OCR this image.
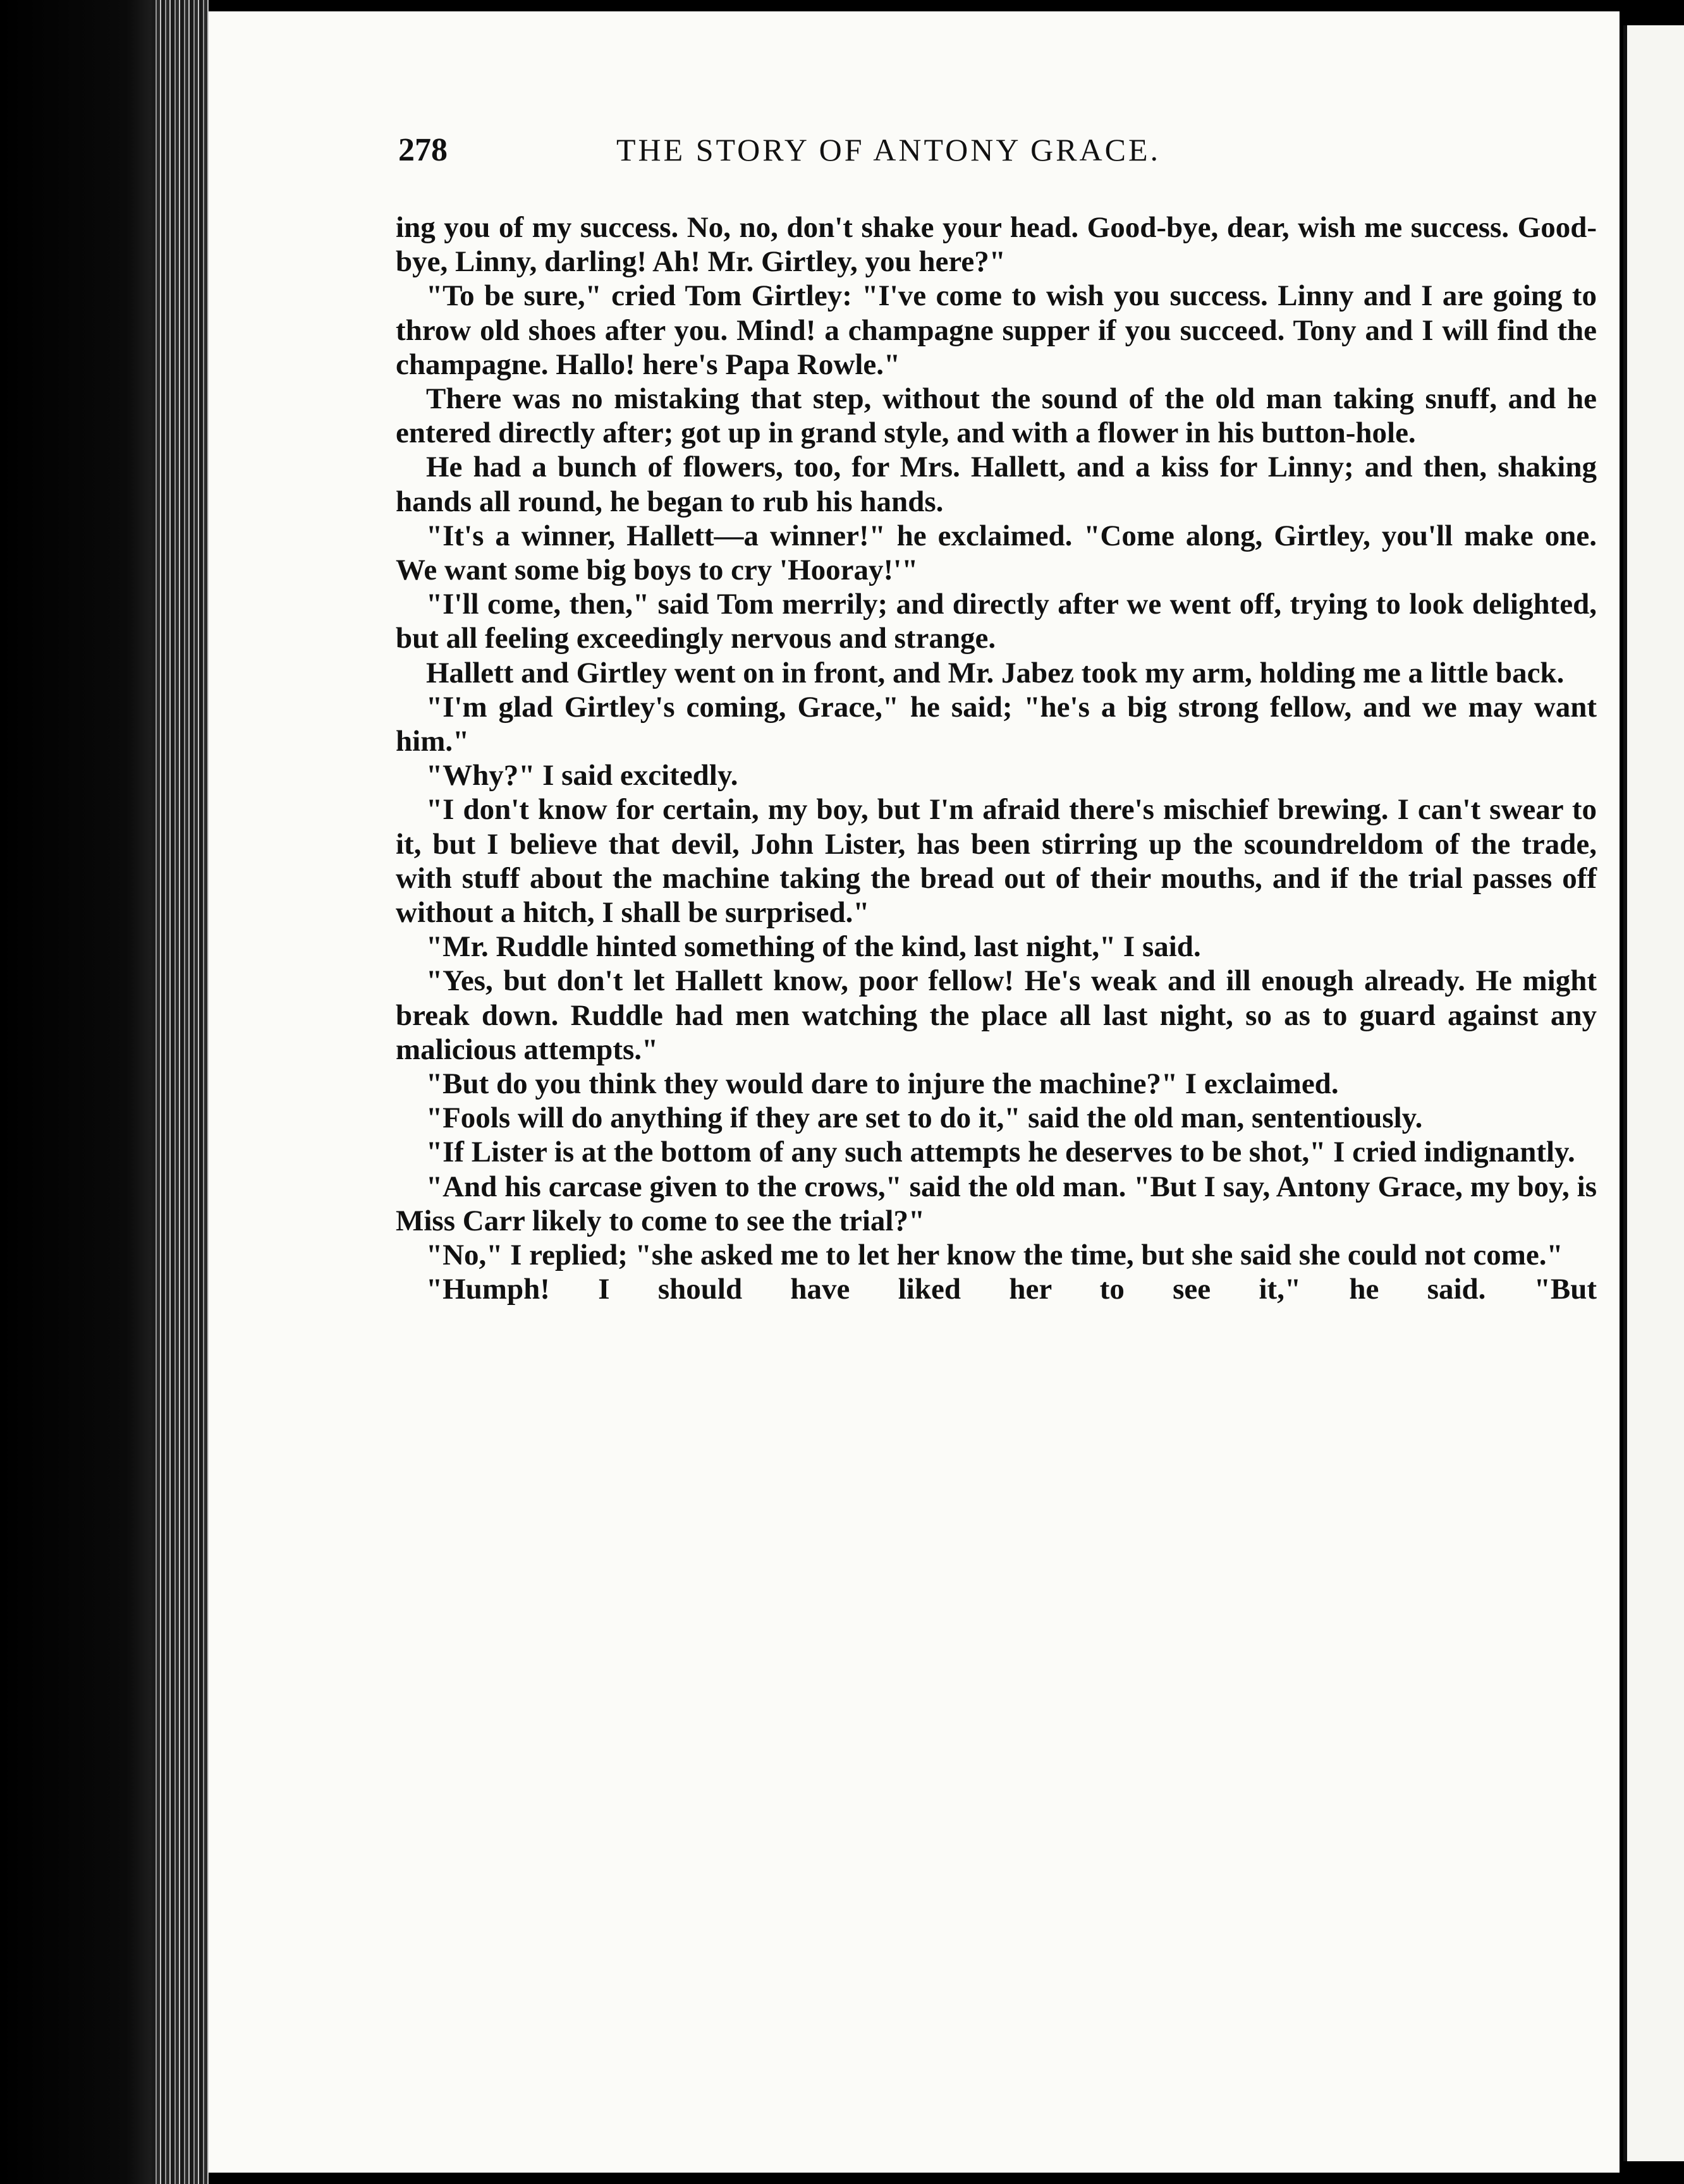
278	THE STORY OF ANTONY GRACE.

ing you of my success. No, no, don't shake your head. Good-bye, dear, wish me success. Good-bye, Linny, darling! Ah! Mr. Girtley, you here?"

"To be sure," cried Tom Girtley: "I've come to wish you success. Linny and I are going to throw old shoes after you. Mind! a champagne supper if you succeed. Tony and I will find the champagne. Hallo! here's Papa Rowle."

There was no mistaking that step, without the sound of the old man taking snuff, and he entered directly after; got up in grand style, and with a flower in his button-hole.

He had a bunch of flowers, too, for Mrs. Hallett, and a kiss for Linny; and then, shaking hands all round, he began to rub his hands.

"It's a winner, Hallett—a winner!" he exclaimed. "Come along, Girtley, you'll make one. We want some big boys to cry 'Hooray!'"

"I'll come, then," said Tom merrily; and directly after we went off, trying to look delighted, but all feeling exceedingly nervous and strange.

Hallett and Girtley went on in front, and Mr. Jabez took my arm, holding me a little back.

"I'm glad Girtley's coming, Grace," he said; "he's a big strong fellow, and we may want him."

"Why?" I said excitedly.

"I don't know for certain, my boy, but I'm afraid there's mischief brewing. I can't swear to it, but I believe that devil, John Lister, has been stirring up the scoundreldom of the trade, with stuff about the machine taking the bread out of their mouths, and if the trial passes off without a hitch, I shall be surprised."

"Mr. Ruddle hinted something of the kind, last night," I said.

"Yes, but don't let Hallett know, poor fellow! He's weak and ill enough already. He might break down. Ruddle had men watching the place all last night, so as to guard against any malicious attempts."

"But do you think they would dare to injure the machine?" I exclaimed.

"Fools will do anything if they are set to do it," said the old man, sententiously.

"If Lister is at the bottom of any such attempts he deserves to be shot," I cried indignantly.

"And his carcase given to the crows," said the old man. "But I say, Antony Grace, my boy, is Miss Carr likely to come to see the trial?"

"No," I replied; "she asked me to let her know the time, but she said she could not come."

"Humph! I should have liked her to see it," he said. "But
